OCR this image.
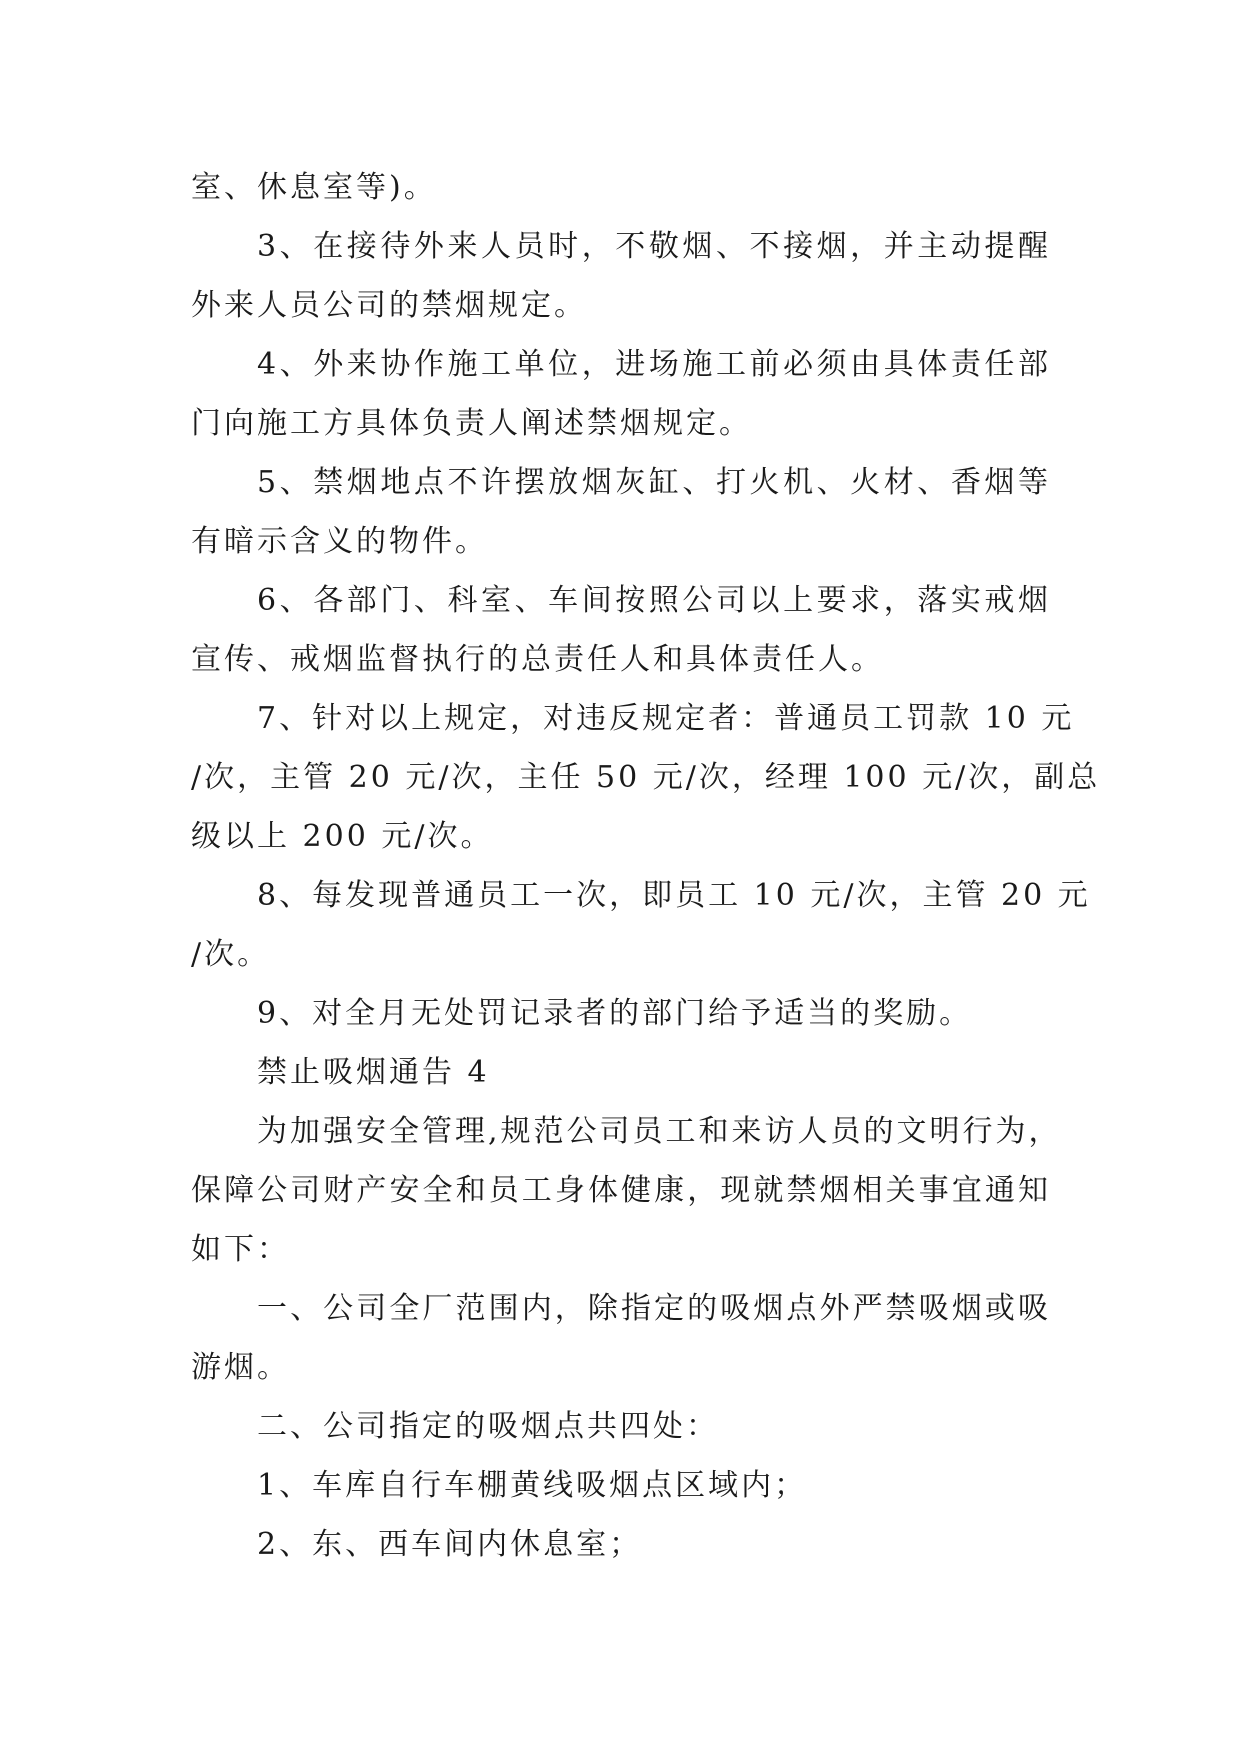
室、休息室等)。
3、在接待外来人员时，不敬烟、不接烟，并主动提醒
外来人员公司的禁烟规定。
4、外来协作施工单位，进场施工前必须由具体责任部
门向施工方具体负责人阐述禁烟规定。
5、禁烟地点不许摆放烟灰缸、打火机、火材、香烟等
有暗示含义的物件。
6、各部门、科室、车间按照公司以上要求，落实戒烟
宣传、戒烟监督执行的总责任人和具体责任人。
7、针对以上规定，对违反规定者：普通员工罚款 10 元
/次，主管 20 元/次，主任 50 元/次，经理 100 元/次，副总
级以上 200 元/次。
8、每发现普通员工一次，即员工 10 元/次，主管 20 元
/次。
9、对全月无处罚记录者的部门给予适当的奖励。
禁止吸烟通告 4
为加强安全管理,规范公司员工和来访人员的文明行为，
保障公司财产安全和员工身体健康，现就禁烟相关事宜通知
如下：
一、公司全厂范围内，除指定的吸烟点外严禁吸烟或吸
游烟。
二、公司指定的吸烟点共四处：
1、车库自行车棚黄线吸烟点区域内；
2、东、西车间内休息室；
